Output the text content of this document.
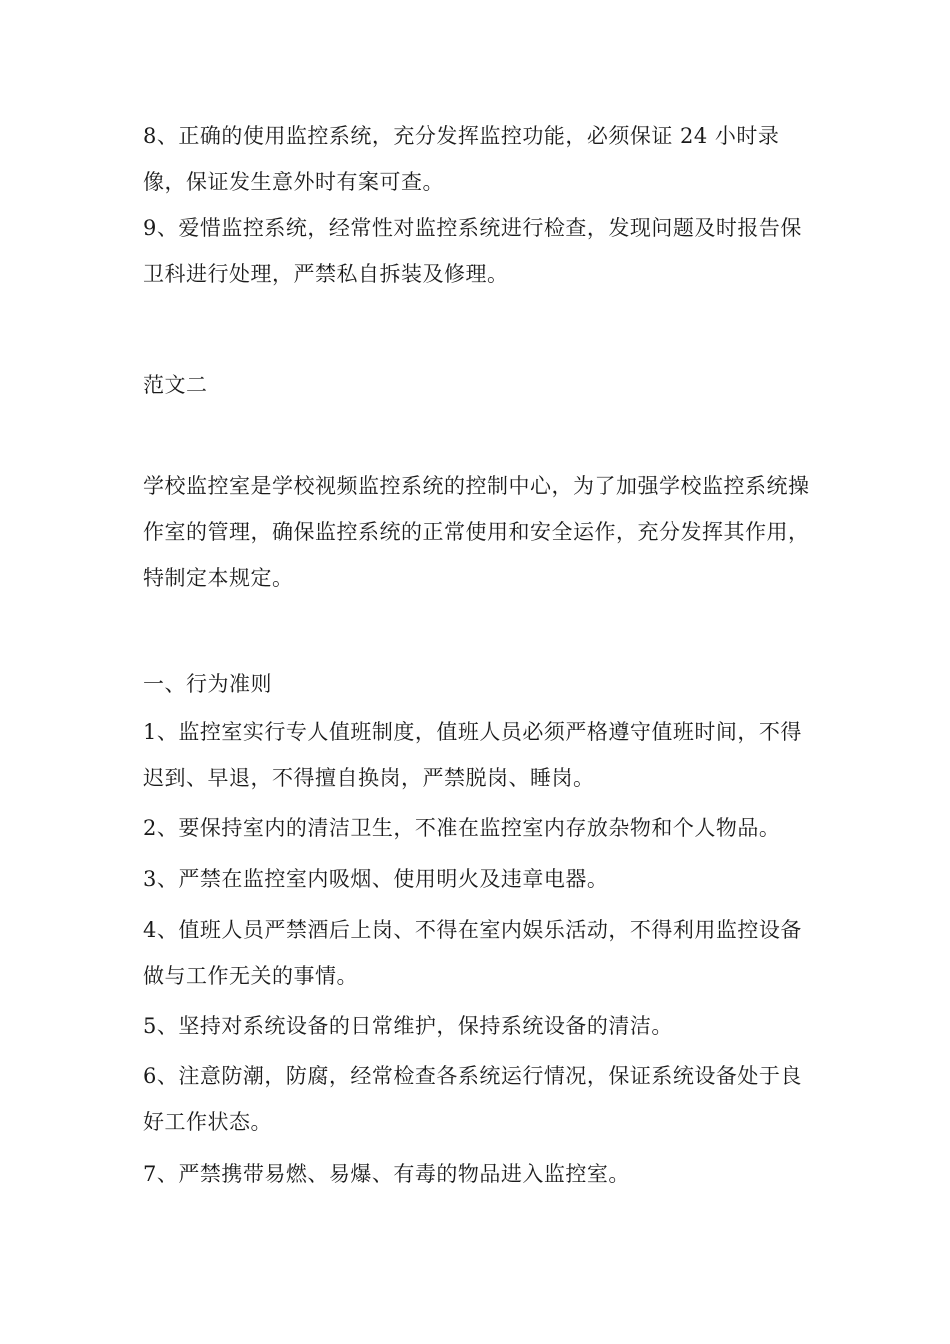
8、正确的使用监控系统，充分发挥监控功能，必须保证 24 小时录像，保证发生意外时有案可查。

9、爱惜监控系统，经常性对监控系统进行检查，发现问题及时报告保卫科进行处理，严禁私自拆装及修理。

范文二

学校监控室是学校视频监控系统的控制中心，为了加强学校监控系统操作室的管理，确保监控系统的正常使用和安全运作，充分发挥其作用，特制定本规定。

一、行为准则

1、监控室实行专人值班制度，值班人员必须严格遵守值班时间，不得迟到、早退，不得擅自换岗，严禁脱岗、睡岗。

2、要保持室内的清洁卫生，不准在监控室内存放杂物和个人物品。

3、严禁在监控室内吸烟、使用明火及违章电器。

4、值班人员严禁酒后上岗、不得在室内娱乐活动，不得利用监控设备做与工作无关的事情。

5、坚持对系统设备的日常维护，保持系统设备的清洁。

6、注意防潮，防腐，经常检查各系统运行情况，保证系统设备处于良好工作状态。

7、严禁携带易燃、易爆、有毒的物品进入监控室。
